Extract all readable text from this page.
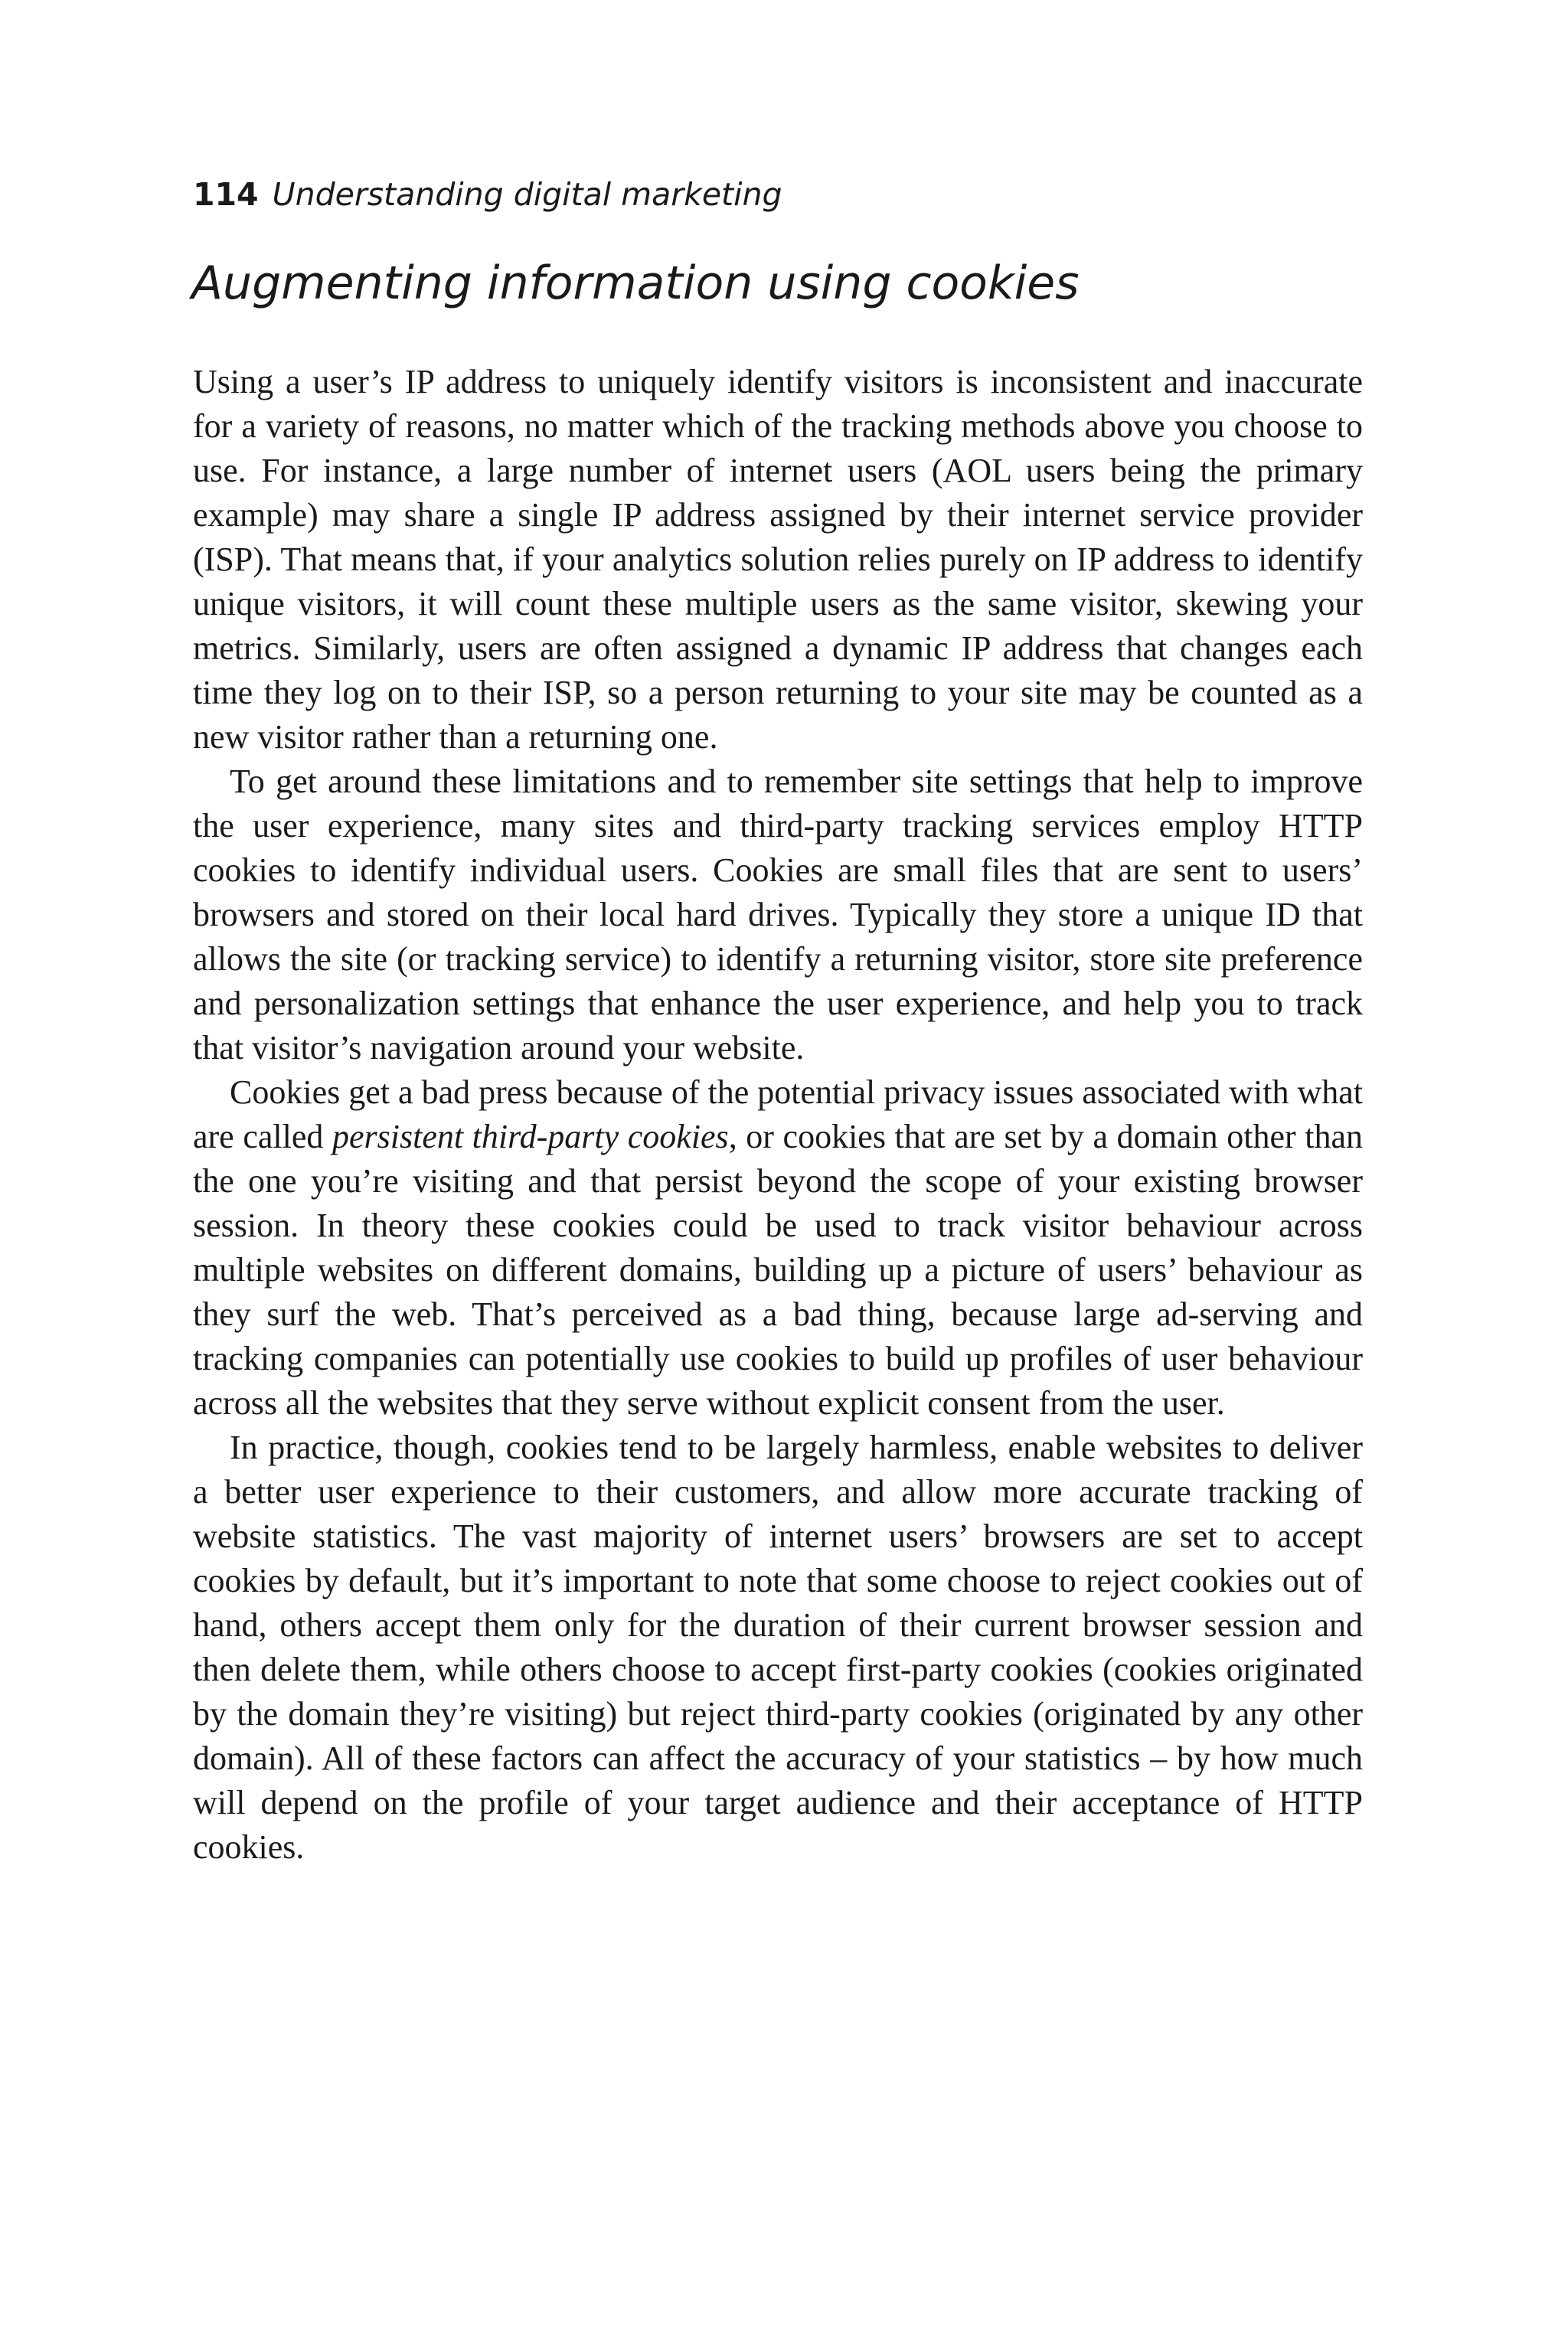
114 Understanding digital marketing
Augmenting information using cookies

Using a user’s IP address to uniquely identify visitors is inconsistent and inaccurate for a variety of reasons, no matter which of the tracking methods above you choose to use. For instance, a large number of internet users (AOL users being the primary example) may share a single IP address assigned by their internet service provider (ISP). That means that, if your analytics solution relies purely on IP address to identify unique visitors, it will count these multiple users as the same visitor, skewing your metrics. Similarly, users are often assigned a dynamic IP address that changes each time they log on to their ISP, so a person returning to your site may be counted as a new visitor rather than a returning one.

To get around these limitations and to remember site settings that help to improve the user experience, many sites and third-party tracking services employ HTTP cookies to identify individual users. Cookies are small files that are sent to users’ browsers and stored on their local hard drives. Typically they store a unique ID that allows the site (or tracking service) to identify a returning visitor, store site preference and personalization settings that enhance the user experience, and help you to track that visitor’s navigation around your website.

Cookies get a bad press because of the potential privacy issues associated with what are called persistent third-party cookies, or cookies that are set by a domain other than the one you’re visiting and that persist beyond the scope of your existing browser session. In theory these cookies could be used to track visitor behaviour across multiple websites on different domains, building up a picture of users’ behaviour as they surf the web. That’s perceived as a bad thing, because large ad-serving and tracking companies can potentially use cookies to build up profiles of user behaviour across all the websites that they serve without explicit consent from the user.

In practice, though, cookies tend to be largely harmless, enable websites to deliver a better user experience to their customers, and allow more accurate tracking of website statistics. The vast majority of internet users’ browsers are set to accept cookies by default, but it’s important to note that some choose to reject cookies out of hand, others accept them only for the duration of their current browser session and then delete them, while others choose to accept first-party cookies (cookies originated by the domain they’re visiting) but reject third-party cookies (originated by any other domain). All of these factors can affect the accuracy of your statistics – by how much will depend on the profile of your target audience and their acceptance of HTTP cookies.
